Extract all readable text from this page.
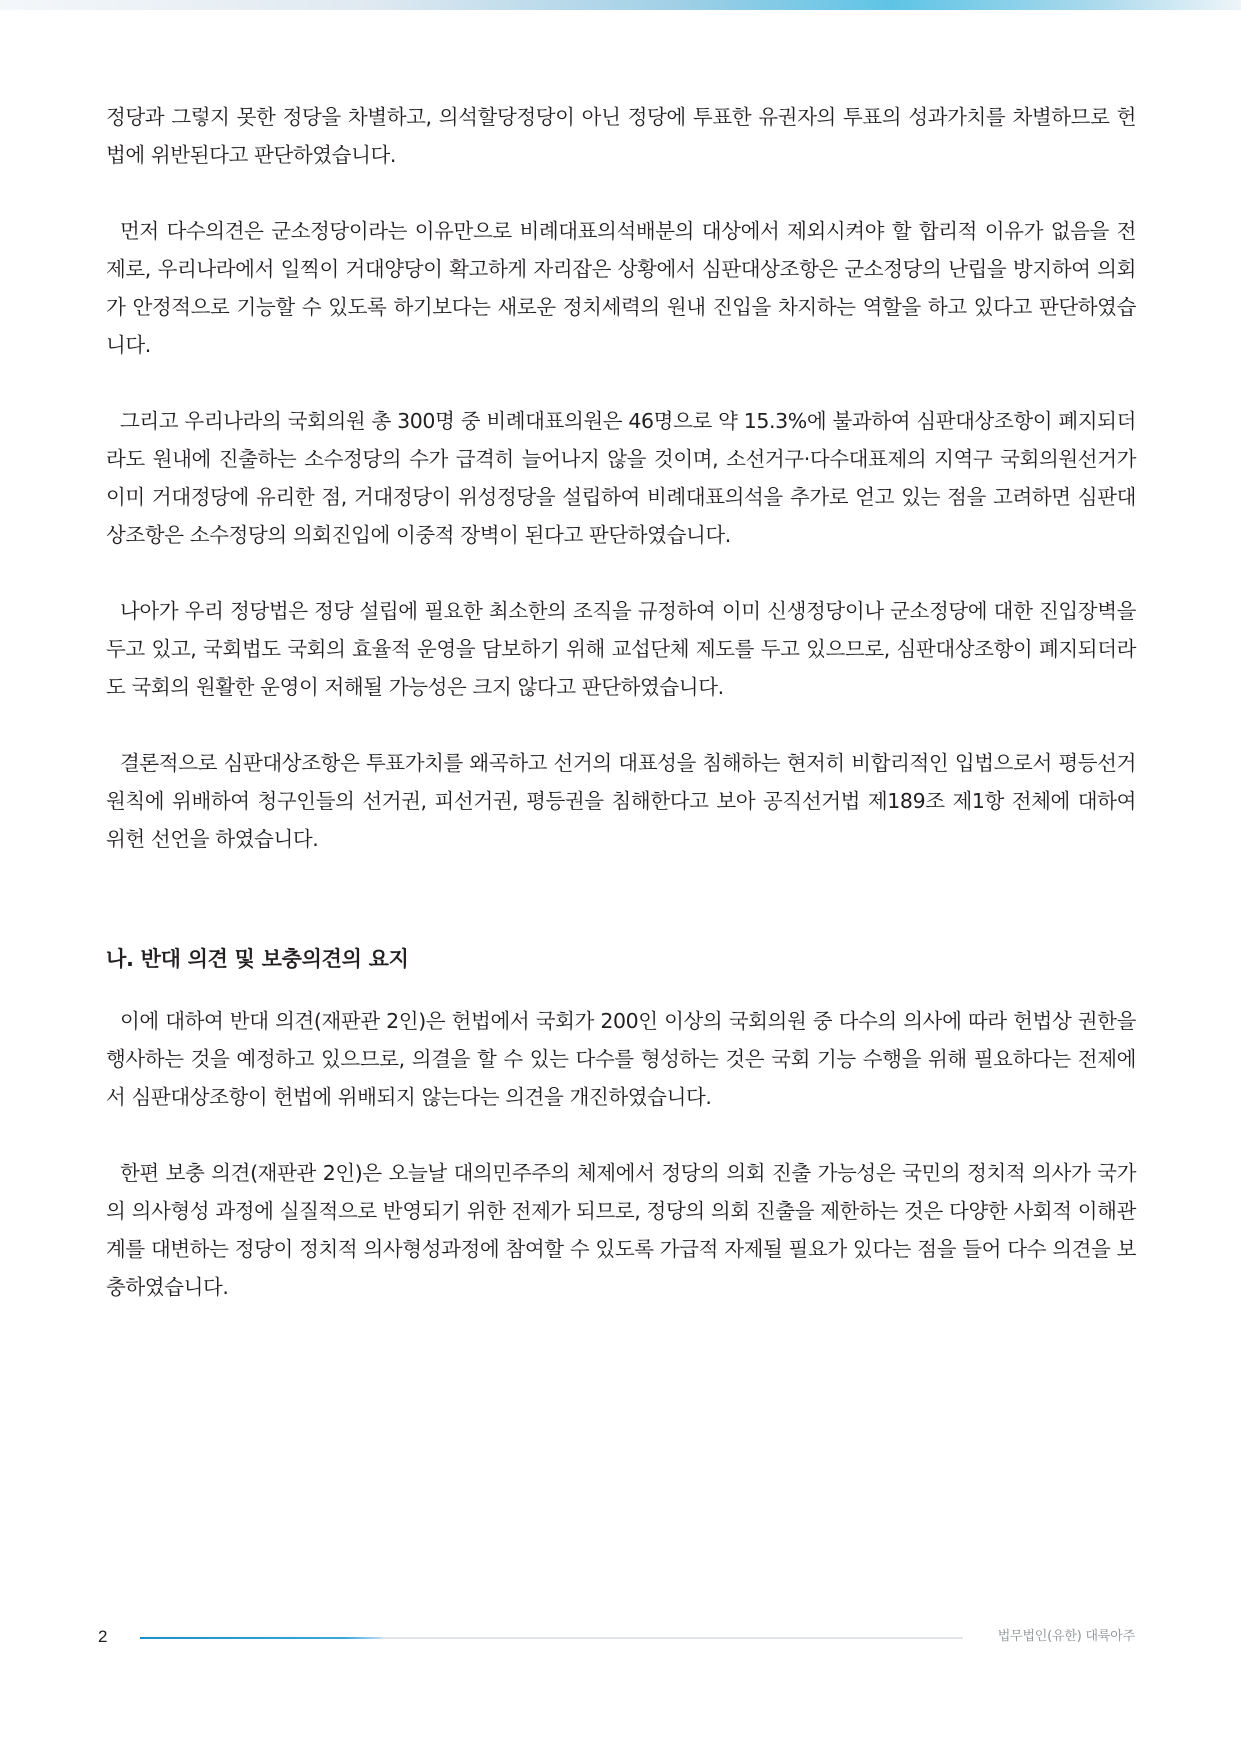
정당과 그렇지 못한 정당을 차별하고, 의석할당정당이 아닌 정당에 투표한 유권자의 투표의 성과가치를 차별하므로 헌법에 위반된다고 판단하였습니다.

먼저 다수의견은 군소정당이라는 이유만으로 비례대표의석배분의 대상에서 제외시켜야 할 합리적 이유가 없음을 전제로, 우리나라에서 일찍이 거대양당이 확고하게 자리잡은 상황에서 심판대상조항은 군소정당의 난립을 방지하여 의회가 안정적으로 기능할 수 있도록 하기보다는 새로운 정치세력의 원내 진입을 차지하는 역할을 하고 있다고 판단하였습니다.

그리고 우리나라의 국회의원 총 300명 중 비례대표의원은 46명으로 약 15.3%에 불과하여 심판대상조항이 폐지되더라도 원내에 진출하는 소수정당의 수가 급격히 늘어나지 않을 것이며, 소선거구·다수대표제의 지역구 국회의원선거가 이미 거대정당에 유리한 점, 거대정당이 위성정당을 설립하여 비례대표의석을 추가로 얻고 있는 점을 고려하면 심판대상조항은 소수정당의 의회진입에 이중적 장벽이 된다고 판단하였습니다.

나아가 우리 정당법은 정당 설립에 필요한 최소한의 조직을 규정하여 이미 신생정당이나 군소정당에 대한 진입장벽을 두고 있고, 국회법도 국회의 효율적 운영을 담보하기 위해 교섭단체 제도를 두고 있으므로, 심판대상조항이 폐지되더라도 국회의 원활한 운영이 저해될 가능성은 크지 않다고 판단하였습니다.

결론적으로 심판대상조항은 투표가치를 왜곡하고 선거의 대표성을 침해하는 현저히 비합리적인 입법으로서 평등선거원칙에 위배하여 청구인들의 선거권, 피선거권, 평등권을 침해한다고 보아 공직선거법 제189조 제1항 전체에 대하여 위헌 선언을 하였습니다.

나. 반대 의견 및 보충의견의 요지

이에 대하여 반대 의견(재판관 2인)은 헌법에서 국회가 200인 이상의 국회의원 중 다수의 의사에 따라 헌법상 권한을 행사하는 것을 예정하고 있으므로, 의결을 할 수 있는 다수를 형성하는 것은 국회 기능 수행을 위해 필요하다는 전제에서 심판대상조항이 헌법에 위배되지 않는다는 의견을 개진하였습니다.

한편 보충 의견(재판관 2인)은 오늘날 대의민주주의 체제에서 정당의 의회 진출 가능성은 국민의 정치적 의사가 국가의 의사형성 과정에 실질적으로 반영되기 위한 전제가 되므로, 정당의 의회 진출을 제한하는 것은 다양한 사회적 이해관계를 대변하는 정당이 정치적 의사형성과정에 참여할 수 있도록 가급적 자제될 필요가 있다는 점을 들어 다수 의견을 보충하였습니다.

2	법무법인(유한) 대륙아주
